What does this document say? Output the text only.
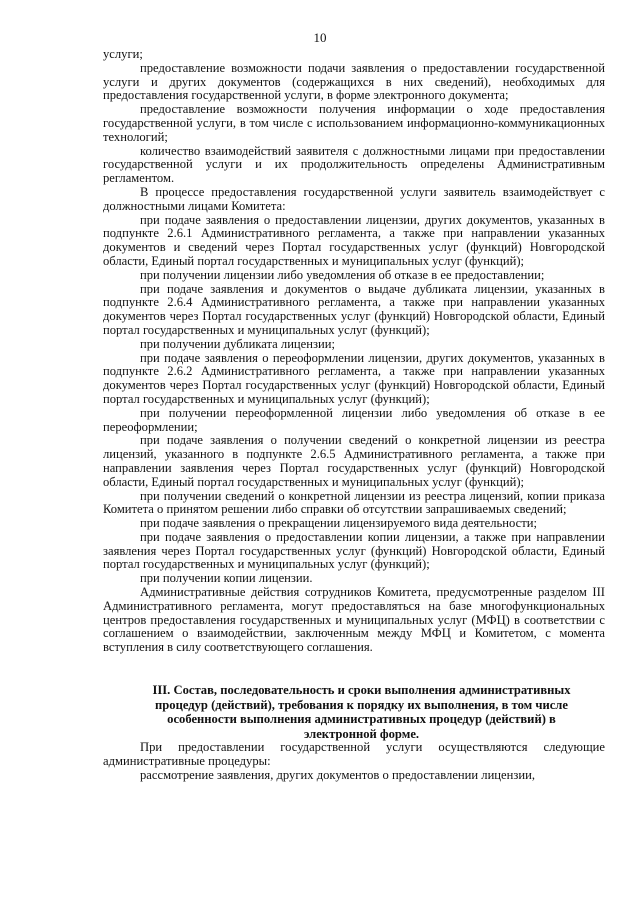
10

услуги;

предоставление возможности подачи заявления о предоставлении государственной услуги и других документов (содержащихся в них сведений), необходимых для предоставления государственной услуги, в форме электронного документа;

предоставление возможности получения информации о ходе предоставления государственной услуги, в том числе с использованием информационно-коммуникационных технологий;

количество взаимодействий заявителя с должностными лицами при предоставлении государственной услуги и их продолжительность определены Административным регламентом.

В процессе предоставления государственной услуги заявитель взаимодействует с должностными лицами Комитета:

при подаче заявления о предоставлении лицензии, других документов, указанных в подпункте 2.6.1 Административного регламента, а также при направлении указанных документов и сведений через Портал государственных услуг (функций) Новгородской области, Единый портал государственных и муниципальных услуг (функций);

при получении лицензии либо уведомления об отказе в ее предоставлении;

при подаче заявления и документов о выдаче дубликата лицензии, указанных в подпункте 2.6.4 Административного регламента, а также при направлении указанных документов через Портал государственных услуг (функций) Новгородской области, Единый портал государственных и муниципальных услуг (функций);

при получении дубликата лицензии;

при подаче заявления о переоформлении лицензии, других документов, указанных в подпункте 2.6.2 Административного регламента, а также при направлении указанных документов через Портал государственных услуг (функций) Новгородской области, Единый портал государственных и муниципальных услуг (функций);

при получении переоформленной лицензии либо уведомления об отказе в ее переоформлении;

при подаче заявления о получении сведений о конкретной лицензии из реестра лицензий, указанного в подпункте 2.6.5 Административного регламента, а также при направлении заявления через Портал государственных услуг (функций) Новгородской области, Единый портал государственных и муниципальных услуг (функций);

при получении сведений о конкретной лицензии из реестра лицензий, копии приказа Комитета о принятом решении либо справки об отсутствии запрашиваемых сведений;

при подаче заявления о прекращении лицензируемого вида деятельности;

при подаче заявления о предоставлении копии лицензии, а также при направлении заявления через Портал государственных услуг (функций) Новгородской области, Единый портал государственных и муниципальных услуг (функций);

при получении копии лицензии.

Административные действия сотрудников Комитета, предусмотренные разделом III Административного регламента, могут предоставляться на базе многофункциональных центров предоставления государственных и муниципальных услуг (МФЦ) в соответствии с соглашением о взаимодействии, заключенным между МФЦ и Комитетом, с момента вступления в силу соответствующего соглашения.

III. Состав, последовательность и сроки выполнения административных процедур (действий), требования к порядку их выполнения, в том числе особенности выполнения административных процедур (действий) в электронной форме.

При предоставлении государственной услуги осуществляются следующие административные процедуры:

рассмотрение заявления, других документов о предоставлении лицензии,
